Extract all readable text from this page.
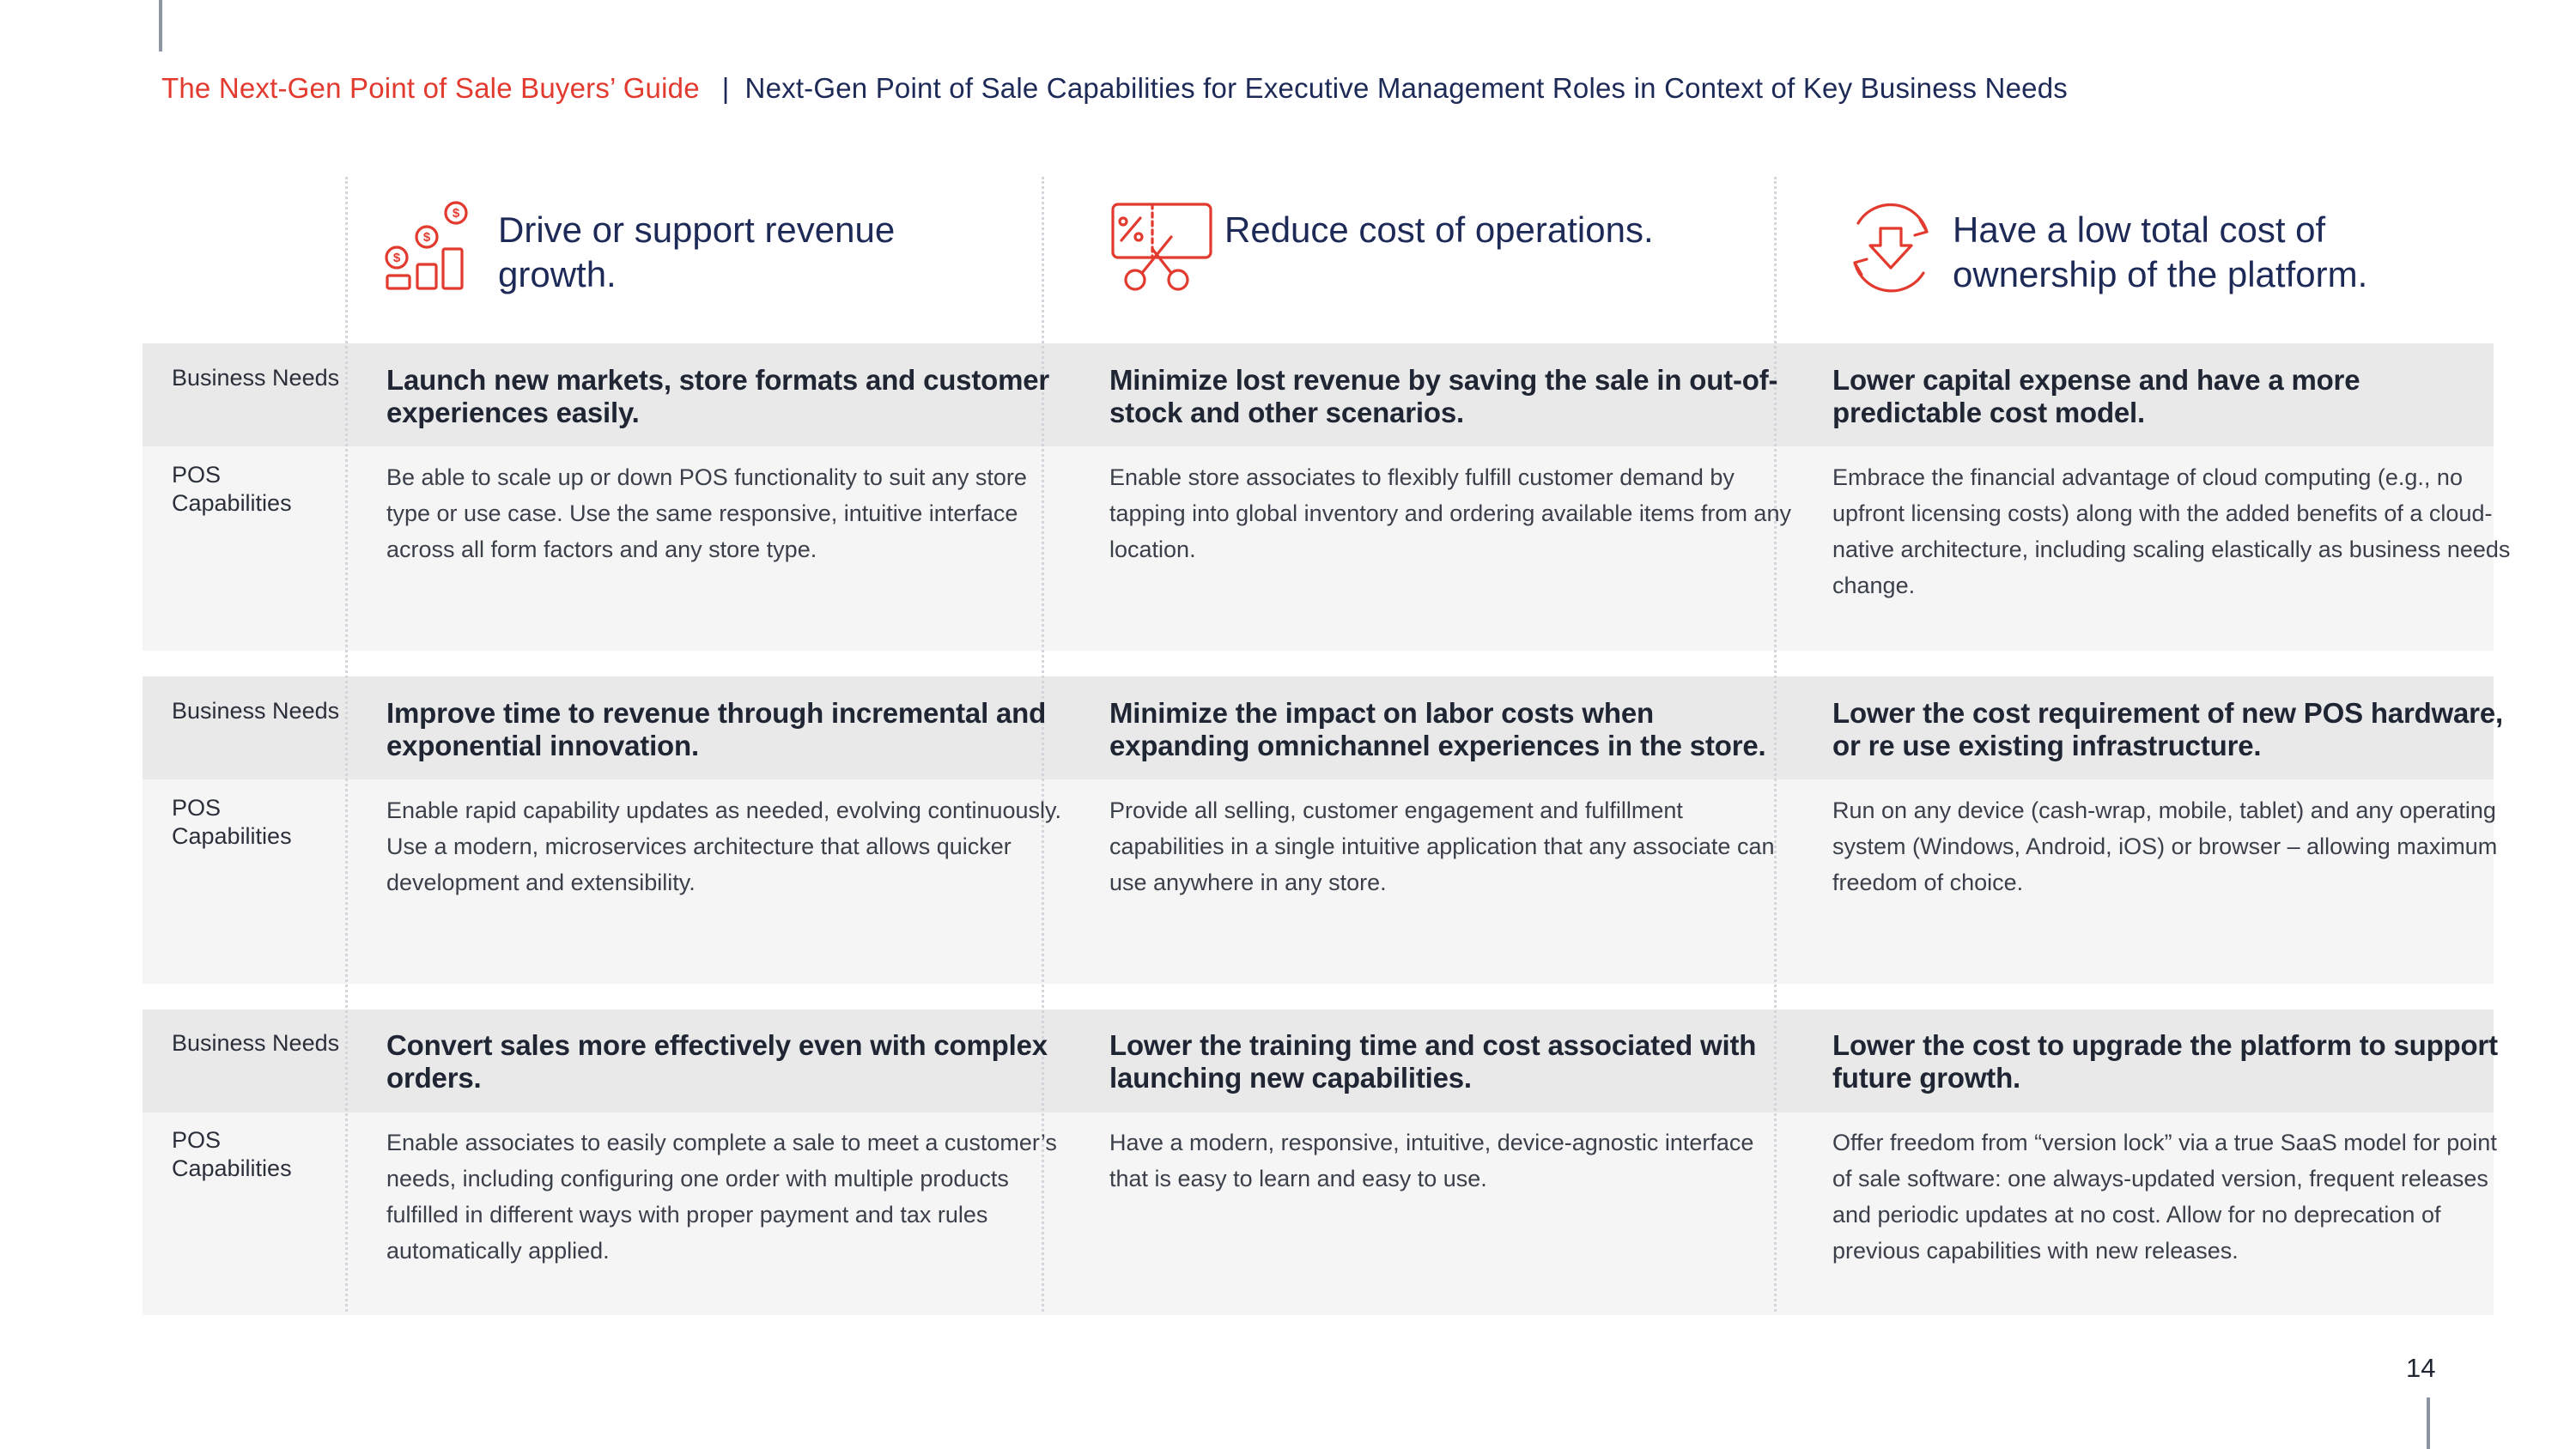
The Next-Gen Point of Sale Buyers’ Guide | Next-Gen Point of Sale Capabilities for Executive Management Roles in Context of Key Business Needs
$
$
$ Drive or support revenue growth.
Reduce cost of operations.	Have a low total cost of ownership of the platform.
Business Needs Launch new markets, store formats and customer experiences easily.
Minimize lost revenue by saving the sale in out-of-stock and other scenarios.
Lower capital expense and have a more predictable cost model.
POS Capabilities
Be able to scale up or down POS functionality to suit any store type or use case. Use the same responsive, intuitive interface across all form factors and any store type.
Enable store associates to flexibly fulfill customer demand by tapping into global inventory and ordering available items from any location.
Embrace the financial advantage of cloud computing (e.g., no upfront licensing costs) along with the added benefits of a cloud-native architecture, including scaling elastically as business needs change.
Business Needs Improve time to revenue through incremental and exponential innovation.
Minimize the impact on labor costs when expanding omnichannel experiences in the store.
Lower the cost requirement of new POS hardware, or re use existing infrastructure.
POS Capabilities
Enable rapid capability updates as needed, evolving continuously. Use a modern, microservices architecture that allows quicker development and extensibility.
Provide all selling, customer engagement and fulfillment capabilities in a single intuitive application that any associate can use anywhere in any store.
Run on any device (cash-wrap, mobile, tablet) and any operating system (Windows, Android, iOS) or browser – allowing maximum freedom of choice.
Business Needs Convert sales more effectively even with complex orders.
Lower the training time and cost associated with launching new capabilities.
Lower the cost to upgrade the platform to support future growth.
POS Capabilities
Enable associates to easily complete a sale to meet a customer’s needs, including configuring one order with multiple products fulfilled in different ways with proper payment and tax rules automatically applied.
Have a modern, responsive, intuitive, device-agnostic interface that is easy to learn and easy to use.
Offer freedom from “version lock” via a true SaaS model for point of sale software: one always-updated version, frequent releases and periodic updates at no cost. Allow for no deprecation of previous capabilities with new releases.
14
